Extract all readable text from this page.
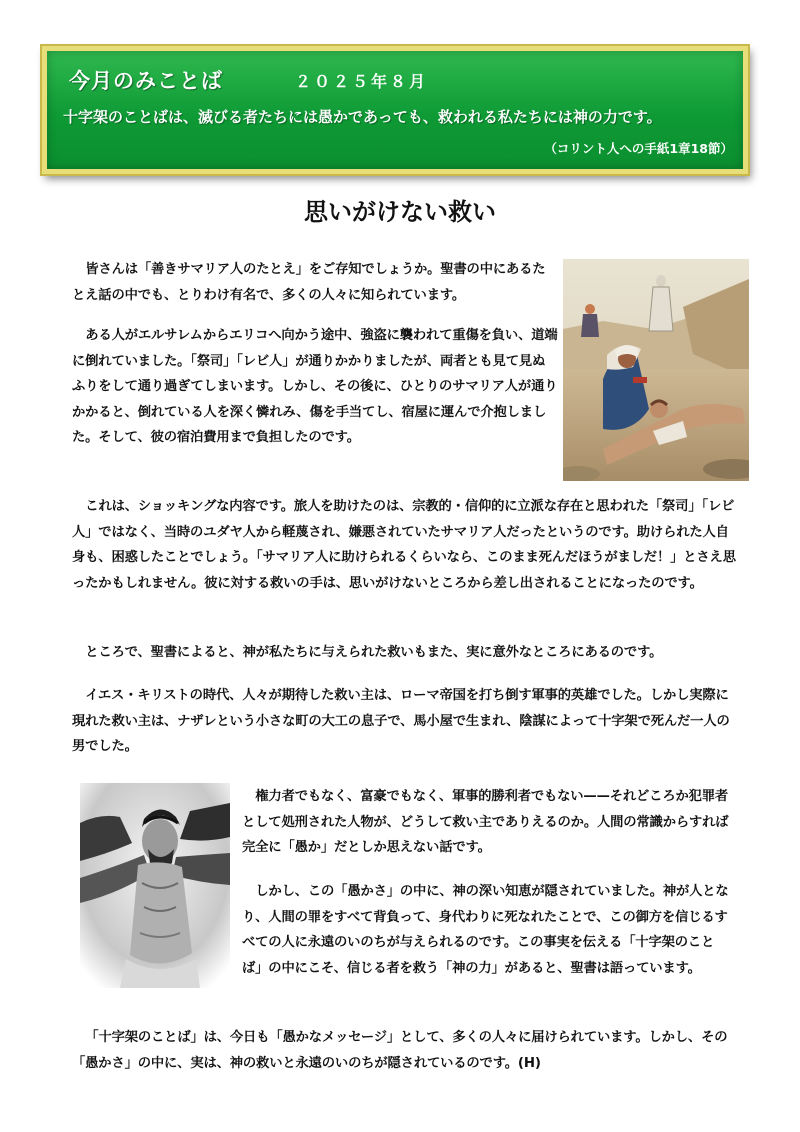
今月のみことば	２０２５年８月
十字架のことばは、滅びる者たちには愚かであっても、救われる私たちには神の力です。
（コリント人への手紙1章18節）
思いがけない救い

皆さんは「善きサマリア人のたとえ」をご存知でしょうか。聖書の中にあるたとえ話の中でも、とりわけ有名で、多くの人々に知られています。

ある人がエルサレムからエリコへ向かう途中、強盗に襲われて重傷を負い、道端に倒れていました。「祭司」「レビ人」が通りかかりましたが、両者とも見て見ぬふりをして通り過ぎてしまいます。しかし、その後に、ひとりのサマリア人が通りかかると、倒れている人を深く憐れみ、傷を手当てし、宿屋に運んで介抱しました。そして、彼の宿泊費用まで負担したのです。

これは、ショッキングな内容です。旅人を助けたのは、宗教的・信仰的に立派な存在と思われた「祭司」「レビ人」ではなく、当時のユダヤ人から軽蔑され、嫌悪されていたサマリア人だったというのです。助けられた人自身も、困惑したことでしょう。「サマリア人に助けられるくらいなら、このまま死んだほうがましだ！」とさえ思ったかもしれません。彼に対する救いの手は、思いがけないところから差し出されることになったのです。

ところで、聖書によると、神が私たちに与えられた救いもまた、実に意外なところにあるのです。

イエス・キリストの時代、人々が期待した救い主は、ローマ帝国を打ち倒す軍事的英雄でした。しかし実際に現れた救い主は、ナザレという小さな町の大工の息子で、馬小屋で生まれ、陰謀によって十字架で死んだ一人の男でした。

権力者でもなく、富豪でもなく、軍事的勝利者でもない——それどころか犯罪者として処刑された人物が、どうして救い主でありえるのか。人間の常識からすれば完全に「愚か」だとしか思えない話です。

しかし、この「愚かさ」の中に、神の深い知恵が隠されていました。神が人となり、人間の罪をすべて背負って、身代わりに死なれたことで、この御方を信じるすべての人に永遠のいのちが与えられるのです。この事実を伝える「十字架のことば」の中にこそ、信じる者を救う「神の力」があると、聖書は語っています。

「十字架のことば」は、今日も「愚かなメッセージ」として、多くの人々に届けられています。しかし、その「愚かさ」の中に、実は、神の救いと永遠のいのちが隠されているのです。(H)
